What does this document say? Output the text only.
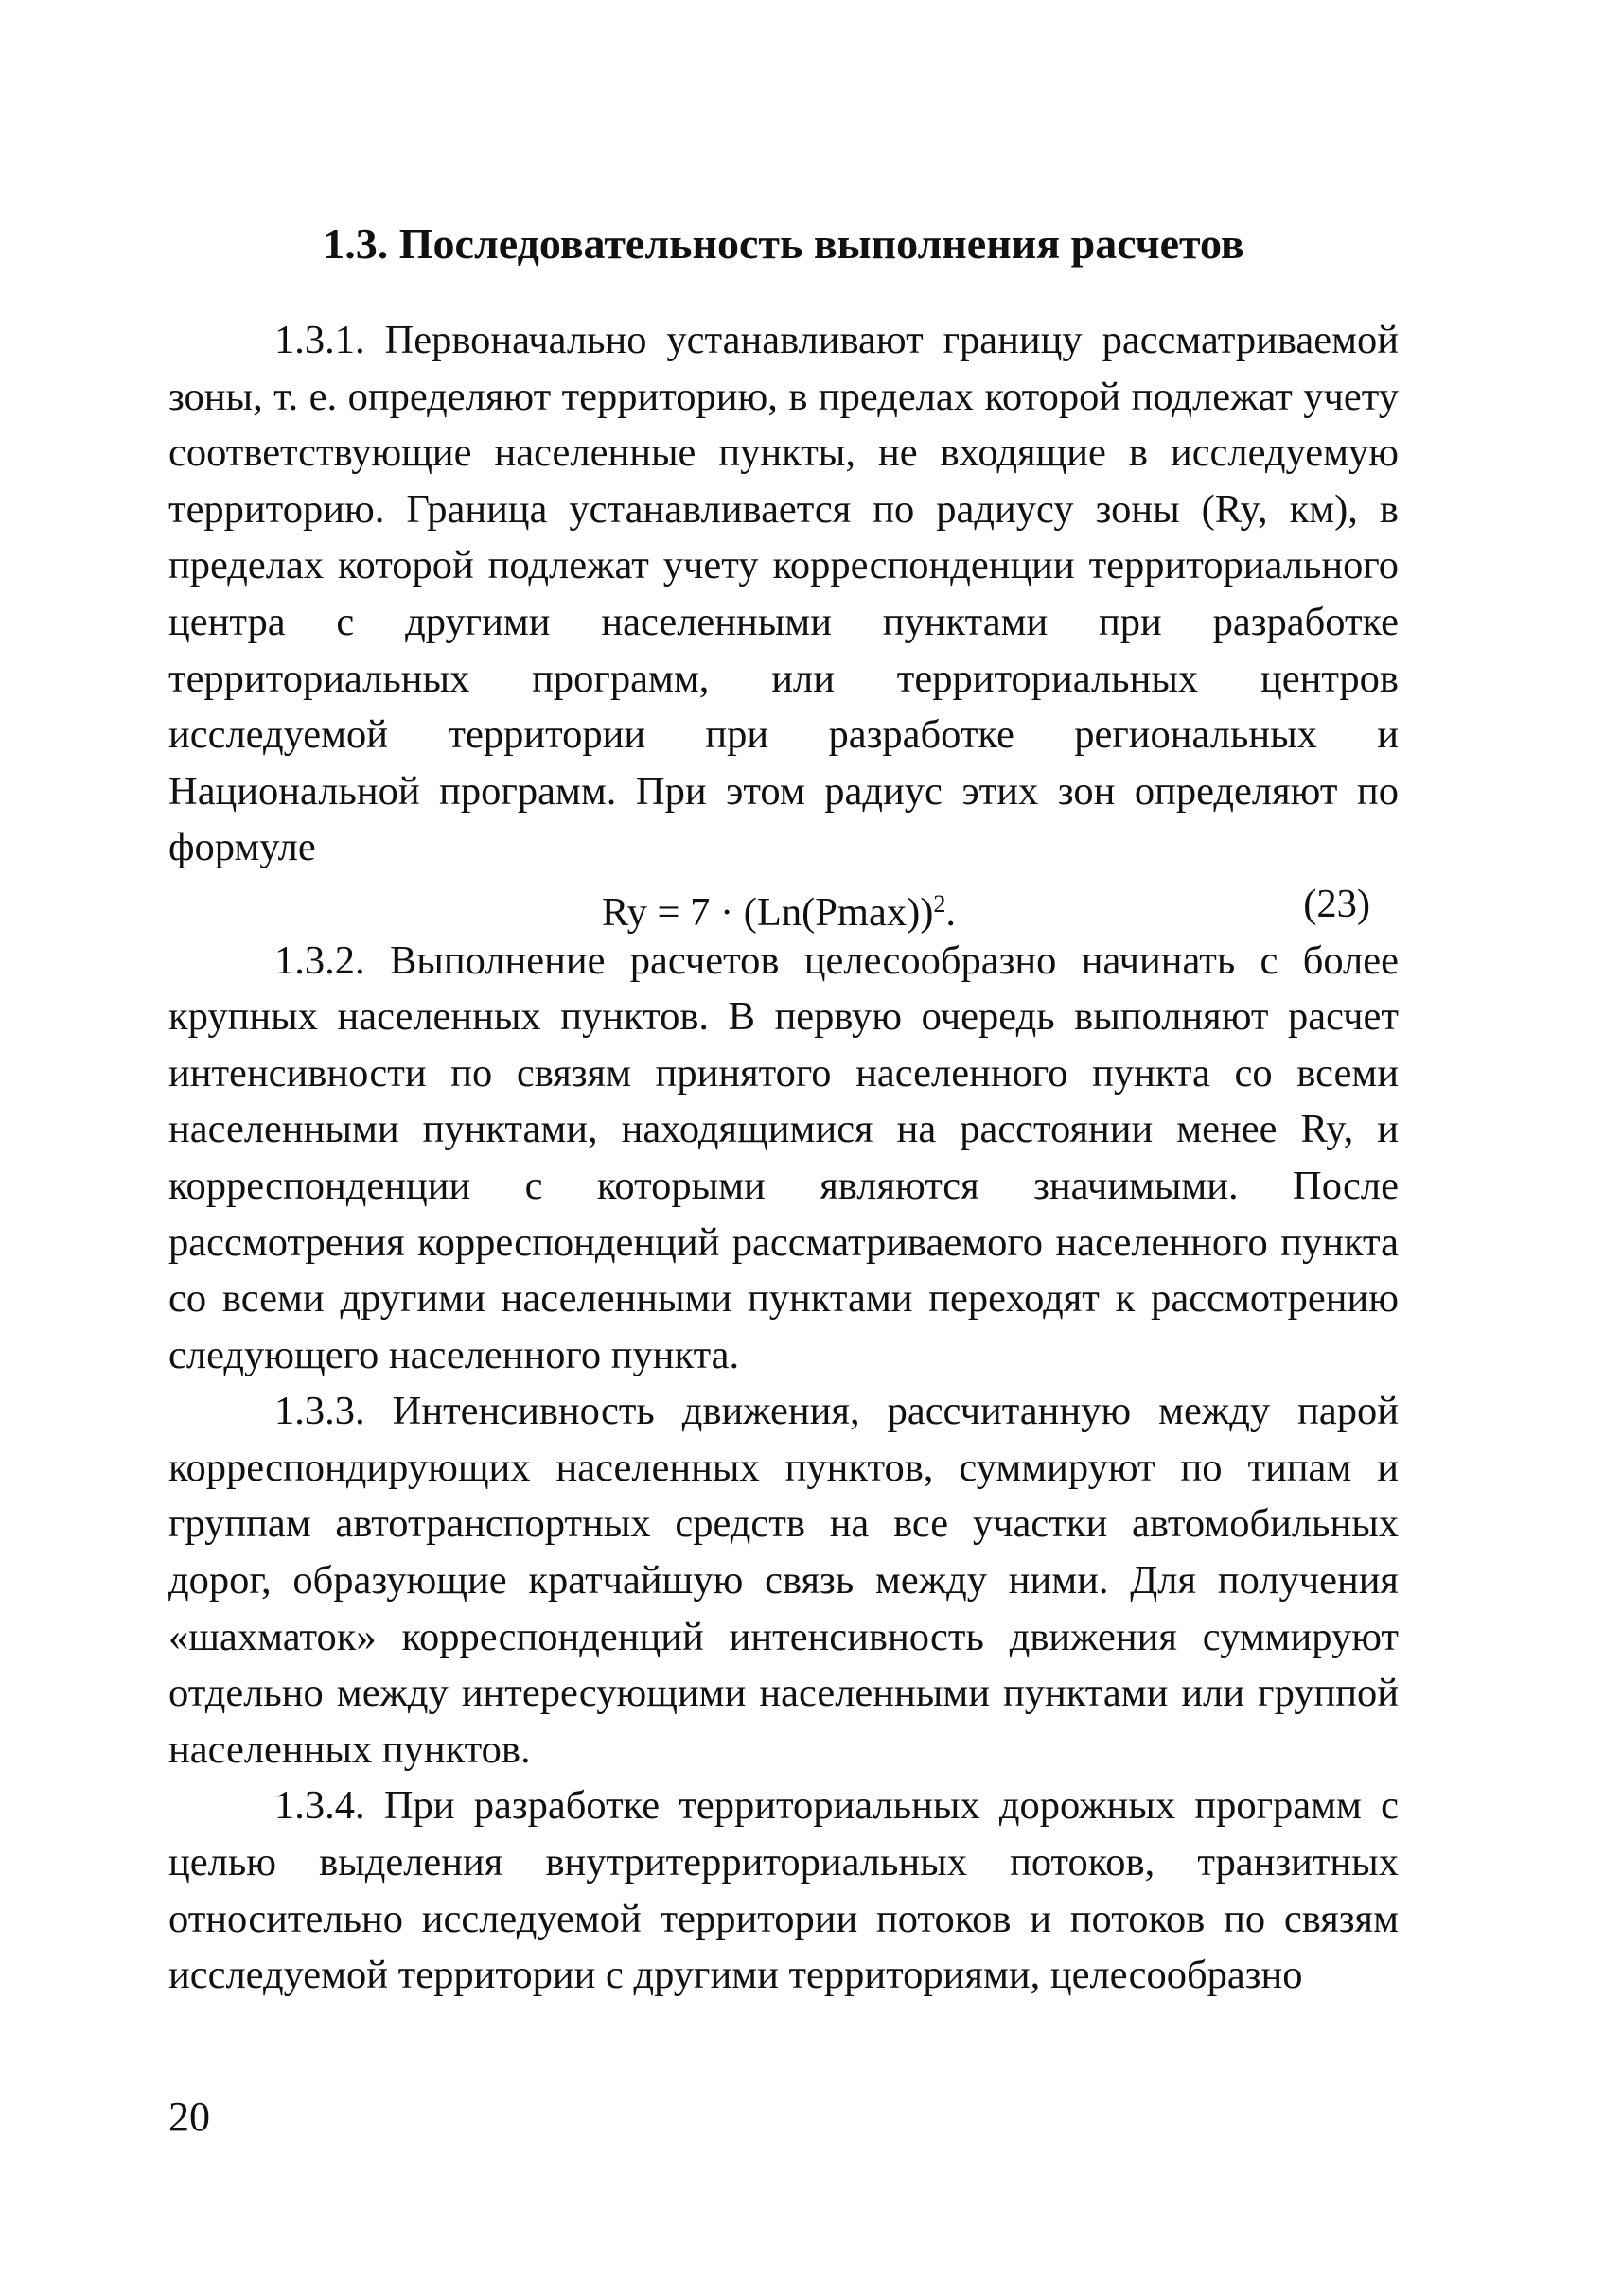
1.3. Последовательность выполнения расчетов

1.3.1. Первоначально устанавливают границу рассматриваемой зоны, т. е. определяют территорию, в пределах которой подлежат учету соответствующие населенные пункты, не входящие в исследуемую территорию. Граница устанавливается по радиусу зоны (Ry, км), в пределах которой подлежат учету корреспонденции территориального центра с другими населенными пунктами при разработке территориальных программ, или территориальных центров исследуемой территории при разработке региональных и Национальной программ. При этом радиус этих зон определяют по формуле

$Ry = 7 \cdot (Ln(Pmax))^2$.	(23)

1.3.2. Выполнение расчетов целесообразно начинать с более крупных населенных пунктов. В первую очередь выполняют расчет интенсивности по связям принятого населенного пункта со всеми населенными пунктами, находящимися на расстоянии менее Ry, и корреспонденции с которыми являются значимыми. После рассмотрения корреспонденций рассматриваемого населенного пункта со всеми другими населенными пунктами переходят к рассмотрению следующего населенного пункта.

1.3.3. Интенсивность движения, рассчитанную между парой корреспондирующих населенных пунктов, суммируют по типам и группам автотранспортных средств на все участки автомобильных дорог, образующие кратчайшую связь между ними. Для получения «шахматок» корреспонденций интенсивность движения суммируют отдельно между интересующими населенными пунктами или группой населенных пунктов.

1.3.4. При разработке территориальных дорожных программ с целью выделения внутритерриториальных потоков, транзитных относительно исследуемой территории потоков и потоков по связям исследуемой территории с другими территориями, целесообразно

20
